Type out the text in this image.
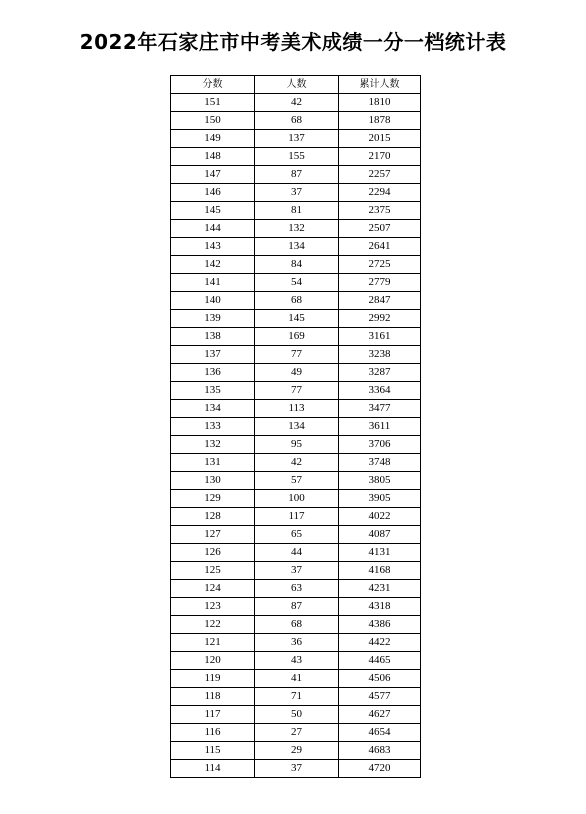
2022年石家庄市中考美术成绩一分一档统计表
分数	人数	累计人数
151	42	1810
150	68	1878
149	137	2015
148	155	2170
147	87	2257
146	37	2294
145	81	2375
144	132	2507
143	134	2641
142	84	2725
141	54	2779
140	68	2847
139	145	2992
138	169	3161
137	77	3238
136	49	3287
135	77	3364
134	113	3477
133	134	3611
132	95	3706
131	42	3748
130	57	3805
129	100	3905
128	117	4022
127	65	4087
126	44	4131
125	37	4168
124	63	4231
123	87	4318
122	68	4386
121	36	4422
120	43	4465
119	41	4506
118	71	4577
117	50	4627
116	27	4654
115	29	4683
114	37	4720
